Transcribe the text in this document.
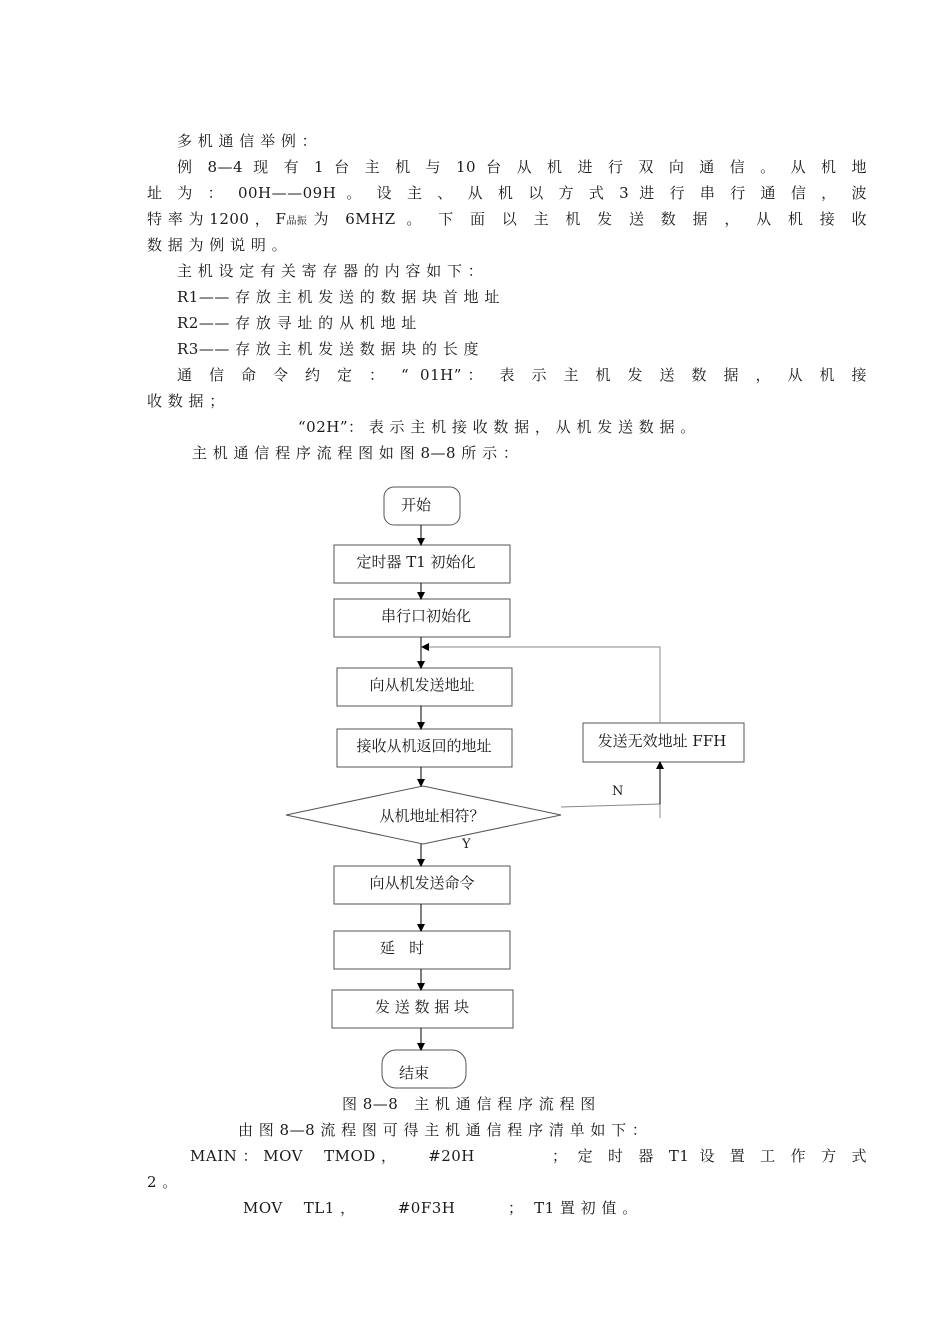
多 机 通 信 举 例 ：
例 8—4 现 有 1 台 主 机 与 10 台 从 机 进 行 双 向 通 信 。 从 机 地
址 为 ： 00H——09H 。 设 主 、 从 机 以 方 式 3 进 行 串 行 通 信 ， 波
特 率 为 1200 ， F晶振 为 6MHZ 。 下 面 以 主 机 发 送 数 据 ， 从 机 接 收
数 据 为 例 说 明 。
主 机 设 定 有 关 寄 存 器 的 内 容 如 下 ：
R1—— 存 放 主 机 发 送 的 数 据 块 首 地 址
R2—— 存 放 寻 址 的 从 机 地 址
R3—— 存 放 主 机 发 送 数 据 块 的 长 度
通 信 命 令 约 定 ： “ 01H”： 表 示 主 机 发 送 数 据 ， 从 机 接
收 数 据 ；
“02H”： 表 示 主 机 接 收 数 据 ， 从 机 发 送 数 据 。
主 机 通 信 程 序 流 程 图 如 图 8—8 所 示 ：
开始
定时器 T1 初始化
串行口初始化
向从机发送地址
接收从机返回的地址
从机地址相符？
发送无效地址 FFH
向从机发送命令
延   时
发 送 数 据 块
结束
Y
N
图 8—8   主 机 通 信 程 序 流 程 图
由 图 8—8 流 程 图 可 得 主 机 通 信 程 序 清 单 如 下 ：
MAIN ： MOV    TMOD ，      #20H	； 定 时 器 T1 设 置 工 作 方 式
2 。
MOV    TL1 ，        #0F3H          ；  T1 置 初 值 。
